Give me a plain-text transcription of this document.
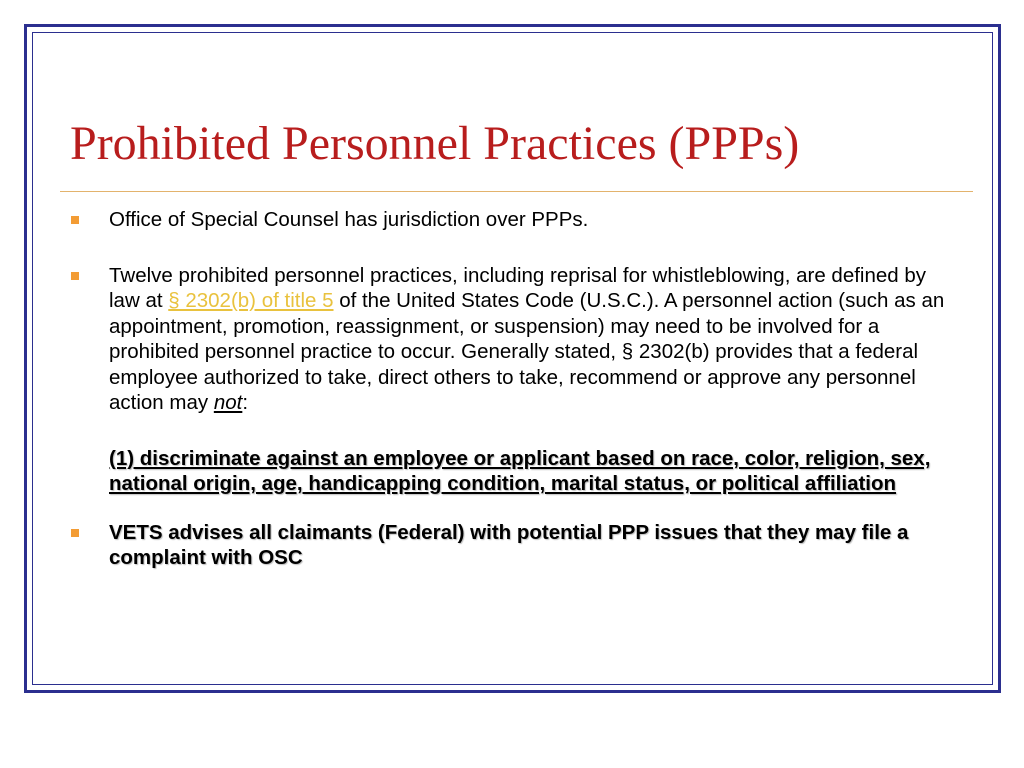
Prohibited Personnel Practices (PPPs)
Office of Special Counsel has jurisdiction over PPPs.
Twelve prohibited personnel practices, including reprisal for whistleblowing, are defined by law at § 2302(b) of title 5 of the United States Code (U.S.C.). A personnel action (such as an appointment, promotion, reassignment, or suspension) may need to be involved for a prohibited personnel practice to occur. Generally stated, § 2302(b) provides that a federal employee authorized to take, direct others to take, recommend or approve any personnel action may not:
(1) discriminate against an employee or applicant based on race, color, religion, sex, national origin, age, handicapping condition, marital status, or political affiliation
VETS advises all claimants (Federal) with potential PPP issues that they may file a complaint with OSC
